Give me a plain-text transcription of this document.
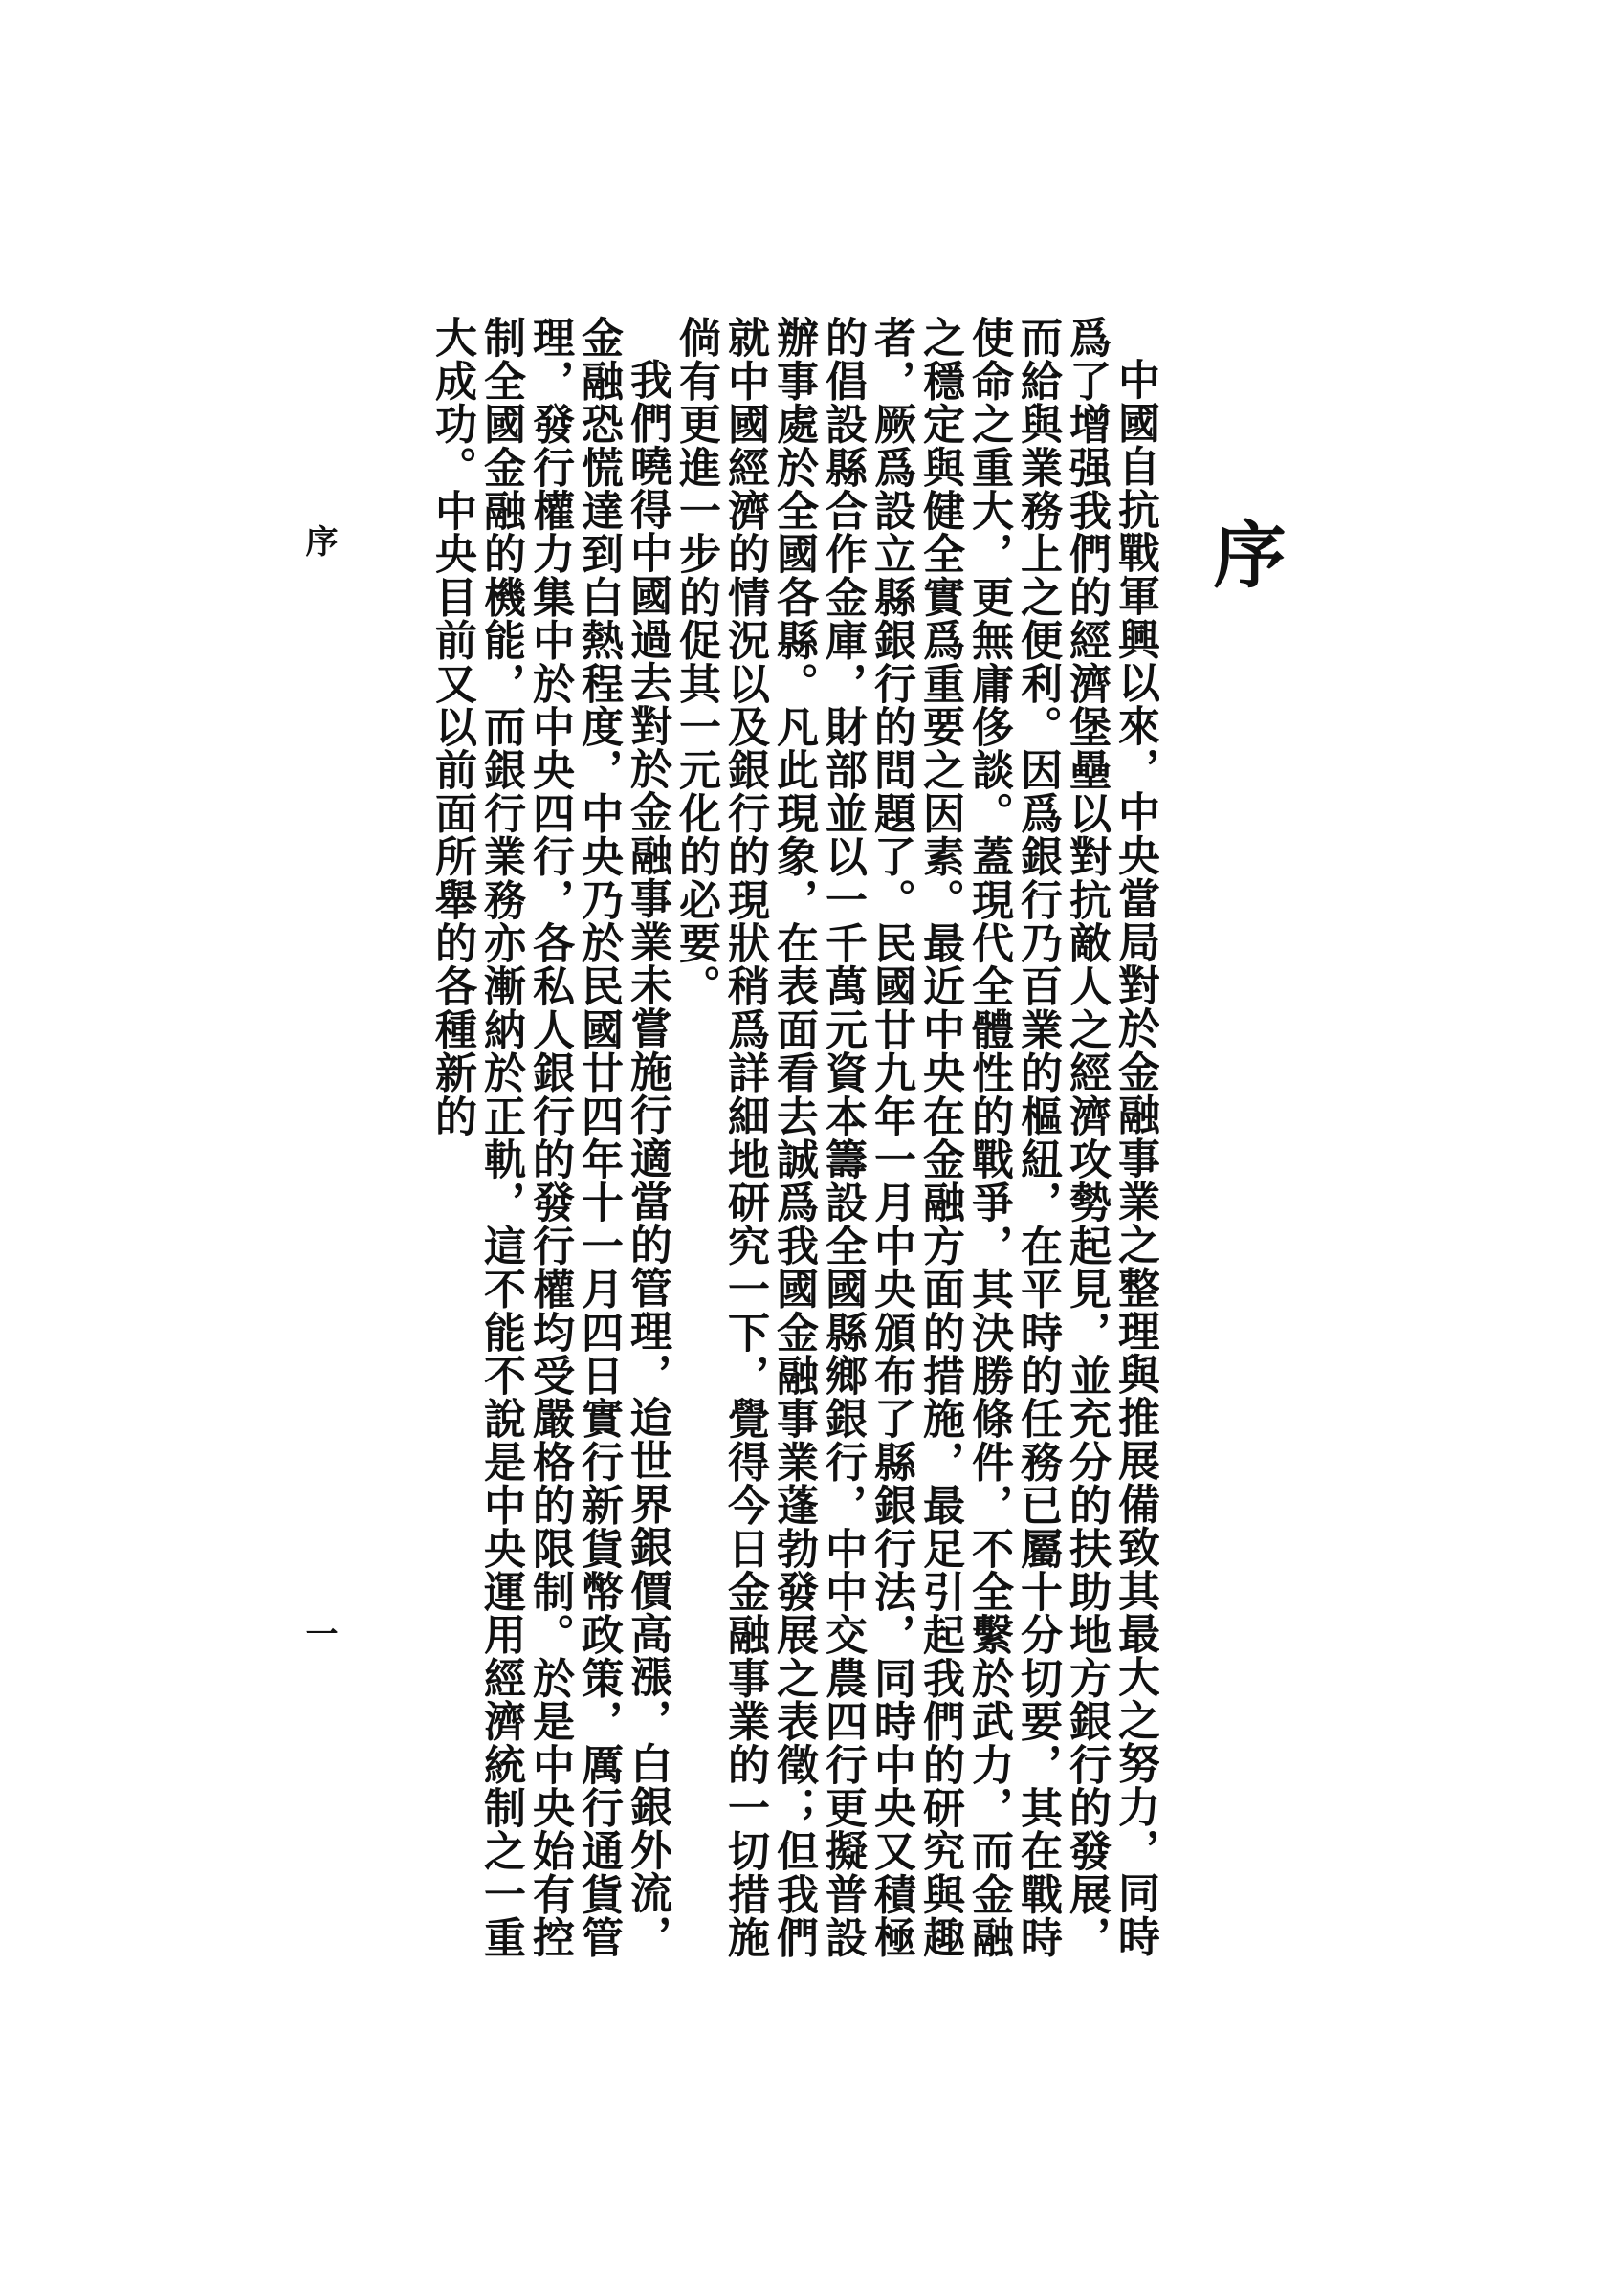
序

中國自抗戰軍興以來，中央當局對於金融事業之整理與推展備致其最大之努力，同時爲了增强我們的經濟堡壘以對抗敵人之經濟攻勢起見，並充分的扶助地方銀行的發展，而給與業務上之便利。因爲銀行乃百業的樞紐，在平時的任務已屬十分切要，其在戰時使命之重大，更無庸侈談。蓋現代全體性的戰爭，其決勝條件，不全繫於武力，而金融之穩定與健全實爲重要之因素。最近中央在金融方面的措施，最足引起我們的研究與趣者，厥爲設立縣銀行的問題了。民國廿九年一月中央頒布了縣銀行法，同時中央又積極的倡設縣合作金庫，財部並以一千萬元資本籌設全國縣鄉銀行，中中交農四行更擬普設辦事處於全國各縣。凡此現象，在表面看去誠爲我國金融事業蓬勃發展之表徵；但我們就中國經濟的情況以及銀行的現狀稍爲詳細地研究一下，覺得今日金融事業的一切措施倘有更進一步的促其一元化的必要。

我們曉得中國過去對於金融事業未嘗施行適當的管理，迨世界銀價高漲，白銀外流，金融恐慌達到白熱程度，中央乃於民國廿四年十一月四日實行新貨幣政策，厲行通貨管理，發行權力集中於中央四行，各私人銀行的發行權均受嚴格的限制。於是中央始有控制全國金融的機能，而銀行業務亦漸納於正軌，這不能不說是中央運用經濟統制之一重大成功。中央目前又以前面所舉的各種新的

序
一
